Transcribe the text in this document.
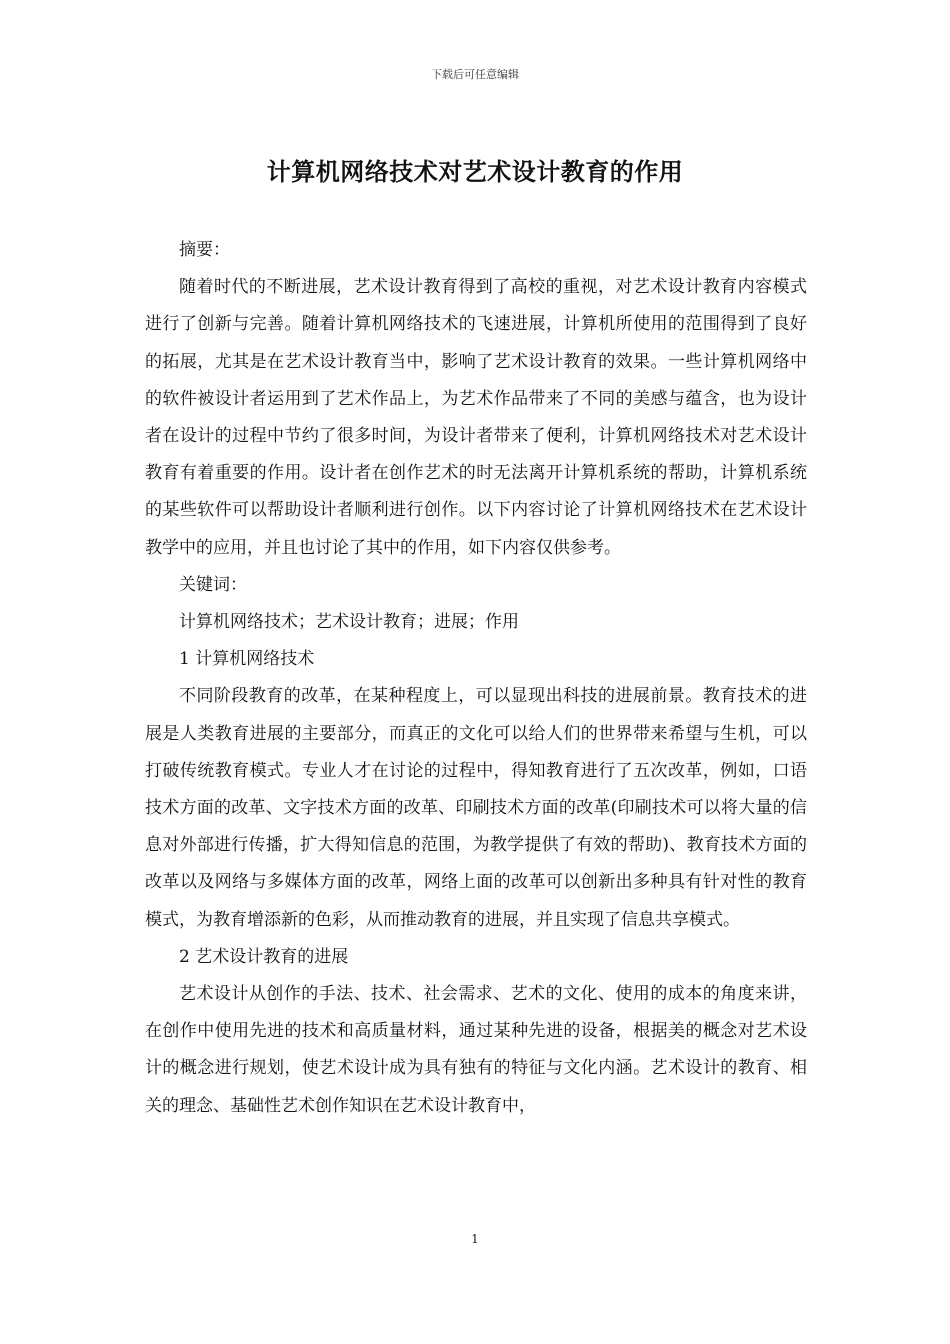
下载后可任意编辑
计算机网络技术对艺术设计教育的作用

摘要：

随着时代的不断进展，艺术设计教育得到了高校的重视，对艺术设计教育内容模式进行了创新与完善。随着计算机网络技术的飞速进展，计算机所使用的范围得到了良好的拓展，尤其是在艺术设计教育当中，影响了艺术设计教育的效果。一些计算机网络中的软件被设计者运用到了艺术作品上，为艺术作品带来了不同的美感与蕴含，也为设计者在设计的过程中节约了很多时间，为设计者带来了便利，计算机网络技术对艺术设计教育有着重要的作用。设计者在创作艺术的时无法离开计算机系统的帮助，计算机系统的某些软件可以帮助设计者顺利进行创作。以下内容讨论了计算机网络技术在艺术设计教学中的应用，并且也讨论了其中的作用，如下内容仅供参考。

关键词：

计算机网络技术；艺术设计教育；进展；作用

1 计算机网络技术

不同阶段教育的改革，在某种程度上，可以显现出科技的进展前景。教育技术的进展是人类教育进展的主要部分，而真正的文化可以给人们的世界带来希望与生机，可以打破传统教育模式。专业人才在讨论的过程中，得知教育进行了五次改革，例如，口语技术方面的改革、文字技术方面的改革、印刷技术方面的改革(印刷技术可以将大量的信息对外部进行传播，扩大得知信息的范围，为教学提供了有效的帮助)、教育技术方面的改革以及网络与多媒体方面的改革，网络上面的改革可以创新出多种具有针对性的教育模式，为教育增添新的色彩，从而推动教育的进展，并且实现了信息共享模式。

2 艺术设计教育的进展

艺术设计从创作的手法、技术、社会需求、艺术的文化、使用的成本的角度来讲，在创作中使用先进的技术和高质量材料，通过某种先进的设备，根据美的概念对艺术设计的概念进行规划，使艺术设计成为具有独有的特征与文化内涵。艺术设计的教育、相关的理念、基础性艺术创作知识在艺术设计教育中，

1
